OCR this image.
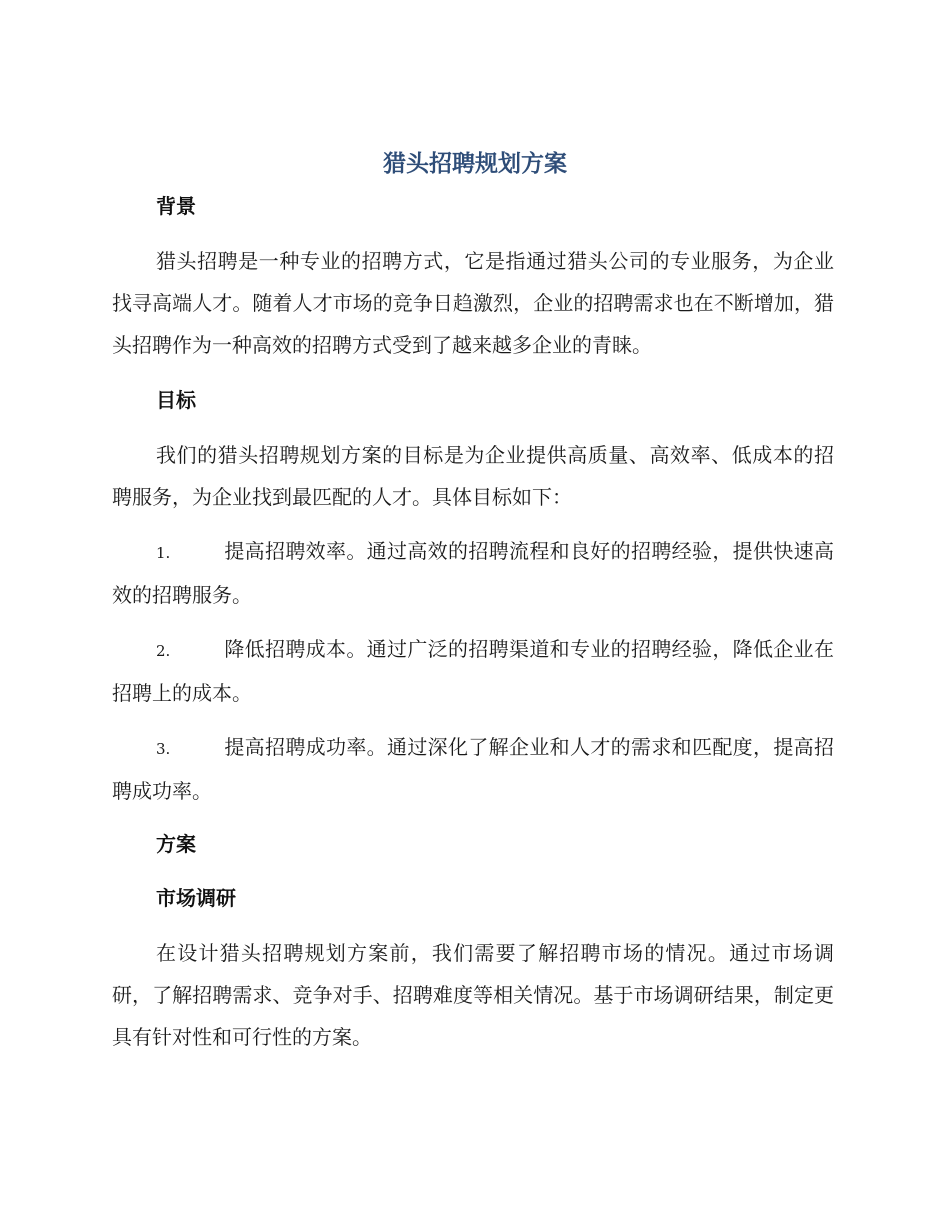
猎头招聘规划方案
背景
猎头招聘是一种专业的招聘方式，它是指通过猎头公司的专业服务，为企业找寻高端人才。随着人才市场的竞争日趋激烈，企业的招聘需求也在不断增加，猎头招聘作为一种高效的招聘方式受到了越来越多企业的青睐。
目标
我们的猎头招聘规划方案的目标是为企业提供高质量、高效率、低成本的招聘服务，为企业找到最匹配的人才。具体目标如下：
1.	提高招聘效率。通过高效的招聘流程和良好的招聘经验，提供快速高效的招聘服务。
2.	降低招聘成本。通过广泛的招聘渠道和专业的招聘经验，降低企业在招聘上的成本。
3.	提高招聘成功率。通过深化了解企业和人才的需求和匹配度，提高招聘成功率。
方案
市场调研
在设计猎头招聘规划方案前，我们需要了解招聘市场的情况。通过市场调研，了解招聘需求、竞争对手、招聘难度等相关情况。基于市场调研结果，制定更具有针对性和可行性的方案。
